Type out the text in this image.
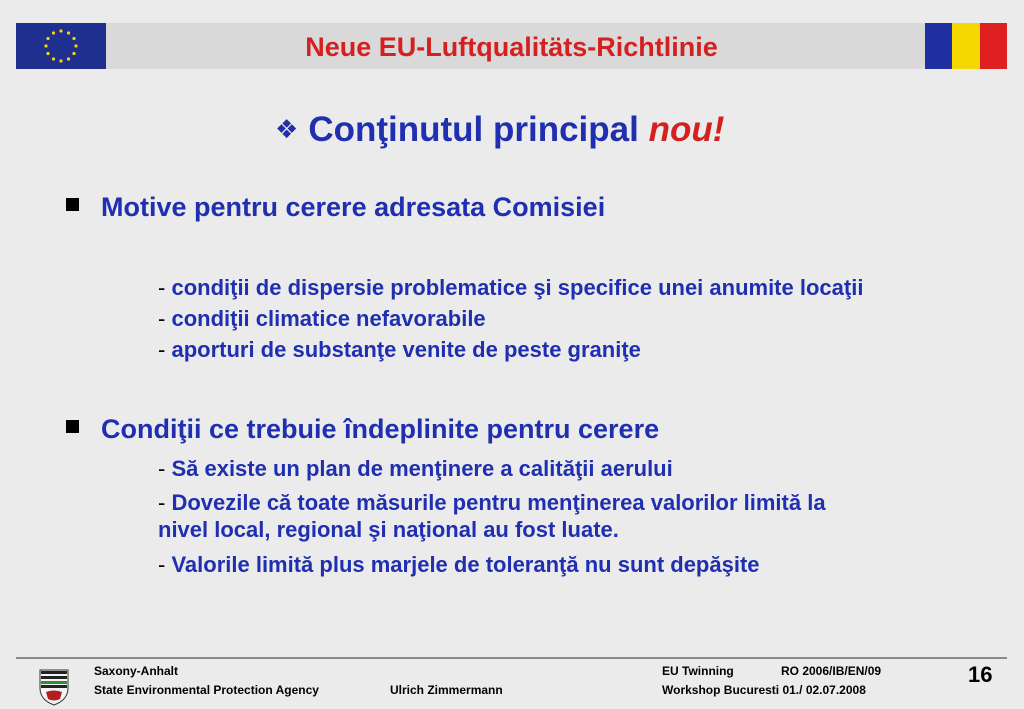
Neue EU-Luftqualitäts-Richtlinie
❖ Conţinutul principal nou!
Motive pentru cerere adresata Comisiei
- condiţii de dispersie problematice şi specifice unei anumite locaţii
- condiţii climatice nefavorabile
- aporturi de substanţe venite de peste graniţe
Condiţii ce trebuie îndeplinite pentru cerere
- Să existe un plan de menţinere a calităţii aerului
- Dovezile că toate măsurile pentru menţinerea valorilor limită la
nivel local, regional şi naţional au fost luate.
- Valorile limită plus marjele de toleranţă nu sunt depăşite
Saxony-Anhalt
State Environmental Protection Agency	Ulrich Zimmermann
EU Twinning	RO 2006/IB/EN/09
Workshop Bucuresti 01./ 02.07.2008
16
